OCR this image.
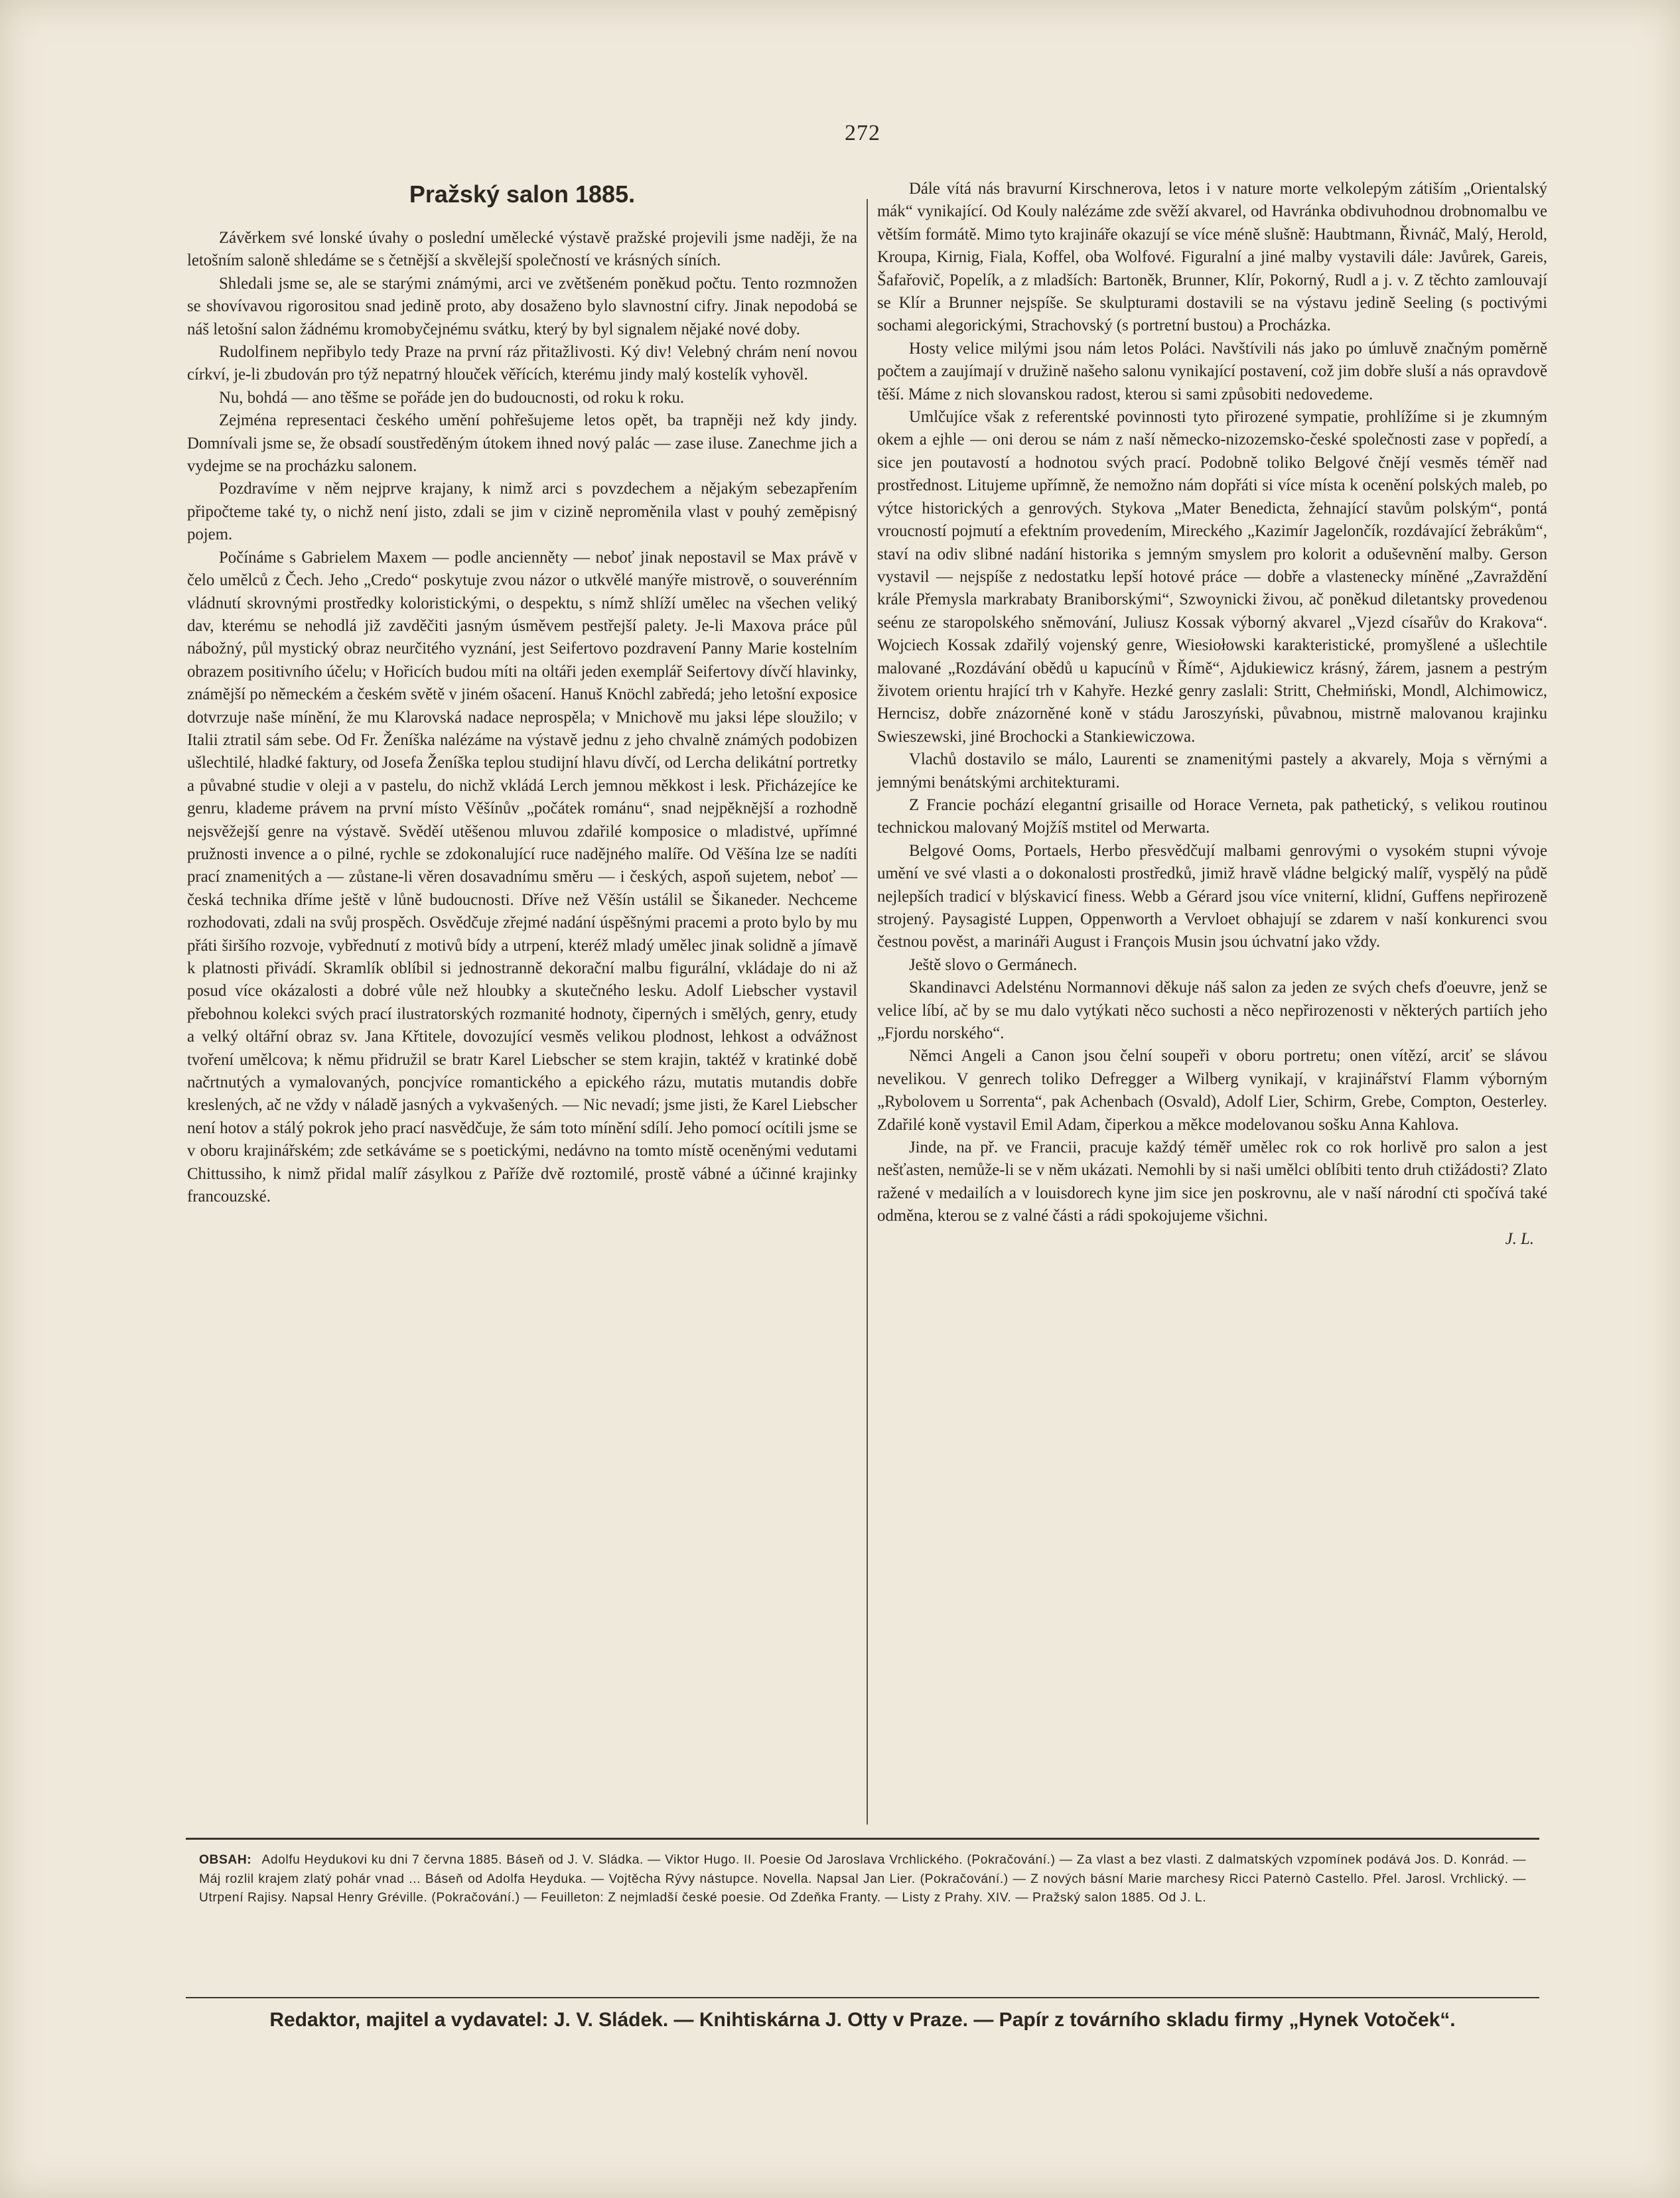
272
Pražský salon 1885.

Závěrkem své lonské úvahy o poslední umělecké výstavě pražské projevili jsme naději, že na letošním saloně shledáme se s četnější a skvělejší společností ve krásných síních.

Shledali jsme se, ale se starými známými, arci ve zvětšeném poněkud počtu. Tento rozmnožen se shovívavou rigorositou snad jedině proto, aby dosaženo bylo slavnostní cifry. Jinak nepodobá se náš letošní salon žádnému kromobyčejnému svátku, který by byl signalem nějaké nové doby.

Rudolfinem nepřibylo tedy Praze na první ráz přitažlivosti. Ký div! Velebný chrám není novou církví, je-li zbudován pro týž nepatrný hlouček věřících, kterému jindy malý kostelík vyhověl.

Nu, bohdá — ano těšme se pořáde jen do budoucnosti, od roku k roku.

Zejména representaci českého umění pohřešujeme letos opět, ba trapněji než kdy jindy. Domnívali jsme se, že obsadí soustředěným útokem ihned nový palác — zase iluse. Zanechme jich a vydejme se na procházku salonem.

Pozdravíme v něm nejprve krajany, k nimž arci s povzdechem a nějakým sebezapřením připočteme také ty, o nichž není jisto, zdali se jim v cizině neproměnila vlast v pouhý zeměpisný pojem.

Počínáme s Gabrielem Maxem — podle ancienněty — neboť jinak nepostavil se Max právě v čelo umělců z Čech. Jeho „Credo“ poskytuje zvou názor o utkvělé manýře mistrově, o souverénním vládnutí skrovnými prostředky koloristickými, o despektu, s nímž shlíží umělec na všechen veliký dav, kterému se nehodlá již zavděčiti jasným úsměvem pestřejší palety. Je-li Maxova práce půl nábožný, půl mystický obraz neurčitého vyznání, jest Seifertovo pozdravení Panny Marie kostelním obrazem positivního účelu; v Hořicích budou míti na oltáři jeden exemplář Seifertovy dívčí hlavinky, známější po německém a českém světě v jiném ošacení. Hanuš Knöchl zabředá; jeho letošní exposice dotvrzuje naše mínění, že mu Klarovská nadace neprospěla; v Mnichově mu jaksi lépe sloužilo; v Italii ztratil sám sebe. Od Fr. Ženíška nalézáme na výstavě jednu z jeho chvalně známých podobizen ušlechtilé, hladké faktury, od Josefa Ženíška teplou studijní hlavu dívčí, od Lercha delikátní portretky a půvabné studie v oleji a v pastelu, do nichž vkládá Lerch jemnou měkkost i lesk. Přicházejíce ke genru, klademe právem na první místo Věšínův „počátek románu“, snad nejpěknější a rozhodně nejsvěžejší genre na výstavě. Svěděí utěšenou mluvou zdařilé komposice o mladistvé, upřímné pružnosti invence a o pilné, rychle se zdokonalující ruce nadějného malíře. Od Věšína lze se nadíti prací znamenitých a — zůstane-li věren dosavadnímu směru — i českých, aspoň sujetem, neboť — česká technika dříme ještě v lůně budoucnosti. Dříve než Věšín ustálil se Šikaneder. Nechceme rozhodovati, zdali na svůj prospěch. Osvědčuje zřejmé nadání úspěšnými pracemi a proto bylo by mu přáti širšího rozvoje, vybřednutí z motivů bídy a utrpení, kteréž mladý umělec jinak solidně a jímavě k platnosti přivádí. Skramlík oblíbil si jednostranně dekorační malbu figurální, vkládaje do ni až posud více okázalosti a dobré vůle než hloubky a skutečného lesku. Adolf Liebscher vystavil přebohnou kolekci svých prací ilustratorských rozmanité hodnoty, čiperných i smělých, genry, etudy a velký oltářní obraz sv. Jana Křtitele, dovozující vesměs velikou plodnost, lehkost a odvážnost tvoření umělcova; k němu přidružil se bratr Karel Liebscher se stem krajin, taktéž v kratinké době načrtnutých a vymalovaných, poncjvíce romantického a epického rázu, mutatis mutandis dobře kreslených, ač ne vždy v náladě jasných a vykvašených. — Nic nevadí; jsme jisti, že Karel Liebscher není hotov a stálý pokrok jeho prací nasvědčuje, že sám toto mínění sdílí. Jeho pomocí ocítili jsme se v oboru krajinářském; zde setkáváme se s poetickými, nedávno na tomto místě oceněnými vedutami Chittussiho, k nimž přidal malíř zásylkou z Paříže dvě roztomilé, prostě vábné a účinné krajinky francouzské.

Dále vítá nás bravurní Kirschnerova, letos i v nature morte velkolepým zátiším „Orientalský mák“ vynikající. Od Kouly nalézáme zde svěží akvarel, od Havránka obdivuhodnou drobnomalbu ve větším formátě. Mimo tyto krajináře okazují se více méně slušně: Haubtmann, Řivnáč, Malý, Herold, Kroupa, Kirnig, Fiala, Koffel, oba Wolfové. Figuralní a jiné malby vystavili dále: Javůrek, Gareis, Šafařovič, Popelík, a z mladších: Bartoněk, Brunner, Klír, Pokorný, Rudl a j. v. Z těchto zamlouvají se Klír a Brunner nejspíše. Se skulpturami dostavili se na výstavu jedině Seeling (s poctivými sochami alegorickými, Strachovský (s portretní bustou) a Procházka.

Hosty velice milými jsou nám letos Poláci. Navštívili nás jako po úmluvě značným poměrně počtem a zaujímají v družině našeho salonu vynikající postavení, což jim dobře sluší a nás opravdově těší. Máme z nich slovanskou radost, kterou si sami způsobiti nedovedeme.

Umlčujíce však z referentské povinnosti tyto přirozené sympatie, prohlížíme si je zkumným okem a ejhle — oni derou se nám z naší německo-nizozemsko-české společnosti zase v popředí, a sice jen poutavostí a hodnotou svých prací. Podobně toliko Belgové čnějí vesměs téměř nad prostřednost. Litujeme upřímně, že nemožno nám dopřáti si více místa k ocenění polských maleb, po výtce historických a genrových. Stykova „Mater Benedicta, žehnající stavům polským“, pontá vroucností pojmutí a efektním provedením, Mireckého „Kazimír Jagelončík, rozdávající žebrákům“, staví na odiv slibné nadání historika s jemným smyslem pro kolorit a oduševnění malby. Gerson vystavil — nejspíše z nedostatku lepší hotové práce — dobře a vlastenecky míněné „Zavraždění krále Přemysla markrabaty Braniborskými“, Szwoynicki živou, ač poněkud diletantsky provedenou seénu ze staropolského sněmování, Juliusz Kossak výborný akvarel „Vjezd císařův do Krakova“. Wojciech Kossak zdařilý vojenský genre, Wiesiołowski karakteristické, promyšlené a ušlechtile malované „Rozdávání obědů u kapucínů v Římě“, Ajdukiewicz krásný, žárem, jasnem a pestrým životem orientu hrající trh v Kahyře. Hezké genry zaslali: Stritt, Chełmiński, Mondl, Alchimowicz, Herncisz, dobře znázorněné koně v stádu Jaroszyński, půvabnou, mistrně malovanou krajinku Swieszewski, jiné Brochocki a Stankiewiczowa.

Vlachů dostavilo se málo, Laurenti se znamenitými pastely a akvarely, Moja s věrnými a jemnými benátskými architekturami.

Z Francie pochází elegantní grisaille od Horace Verneta, pak pathetický, s velikou routinou technickou malovaný Mojžíš mstitel od Merwarta.

Belgové Ooms, Portaels, Herbo přesvědčují malbami genrovými o vysokém stupni vývoje umění ve své vlasti a o dokonalosti prostředků, jimiž hravě vládne belgický malíř, vyspělý na půdě nejlepších tradicí v blýskavicí finess. Webb a Gérard jsou více vniterní, klidní, Guffens nepřirozeně strojený. Paysagisté Luppen, Oppenworth a Vervloet obhajují se zdarem v naší konkurenci svou čestnou pověst, a marináři August i François Musin jsou úchvatní jako vždy.

Ještě slovo o Germánech.

Skandinavci Adelsténu Normannovi děkuje náš salon za jeden ze svých chefs ďoeuvre, jenž se velice líbí, ač by se mu dalo vytýkati něco suchosti a něco nepřirozenosti v některých partiích jeho „Fjordu norského“.

Němci Angeli a Canon jsou čelní soupeři v oboru portretu; onen vítězí, arciť se slávou nevelikou. V genrech toliko Defregger a Wilberg vynikají, v krajinářství Flamm výborným „Rybolovem u Sorrenta“, pak Achenbach (Osvald), Adolf Lier, Schirm, Grebe, Compton, Oesterley. Zdařilé koně vystavil Emil Adam, čiperkou a měkce modelovanou sošku Anna Kahlova.

Jinde, na př. ve Francii, pracuje každý téměř umělec rok co rok horlivě pro salon a jest nešťasten, nemůže-li se v něm ukázati. Nemohli by si naši umělci oblíbiti tento druh ctižádosti? Zlato ražené v medailích a v louisdorech kyne jim sice jen poskrovnu, ale v naší národní cti spočívá také odměna, kterou se z valné části a rádi spokojujeme všichni.

J. L.
OBSAH: Adolfu Heydukovi ku dni 7 června 1885. Báseň od J. V. Sládka. — Viktor Hugo. II. Poesie Od Jaroslava Vrchlického. (Pokračování.) — Za vlast a bez vlasti. Z dalmatských vzpomínek podává Jos. D. Konrád. — Máj rozlil krajem zlatý pohár vnad ... Báseň od Adolfa Heyduka. — Vojtěcha Rývy nástupce. Novella. Napsal Jan Lier. (Pokračování.) — Z nových básní Marie marchesy Ricci Paternò Castello. Přel. Jarosl. Vrchlický. — Utrpení Rajisy. Napsal Henry Gréville. (Pokračování.) — Feuilleton: Z nejmladší české poesie. Od Zdeňka Franty. — Listy z Prahy. XIV. — Pražský salon 1885. Od J. L.
Redaktor, majitel a vydavatel: J. V. Sládek. — Knihtiskárna J. Otty v Praze. — Papír z továrního skladu firmy „Hynek Votoček“.
